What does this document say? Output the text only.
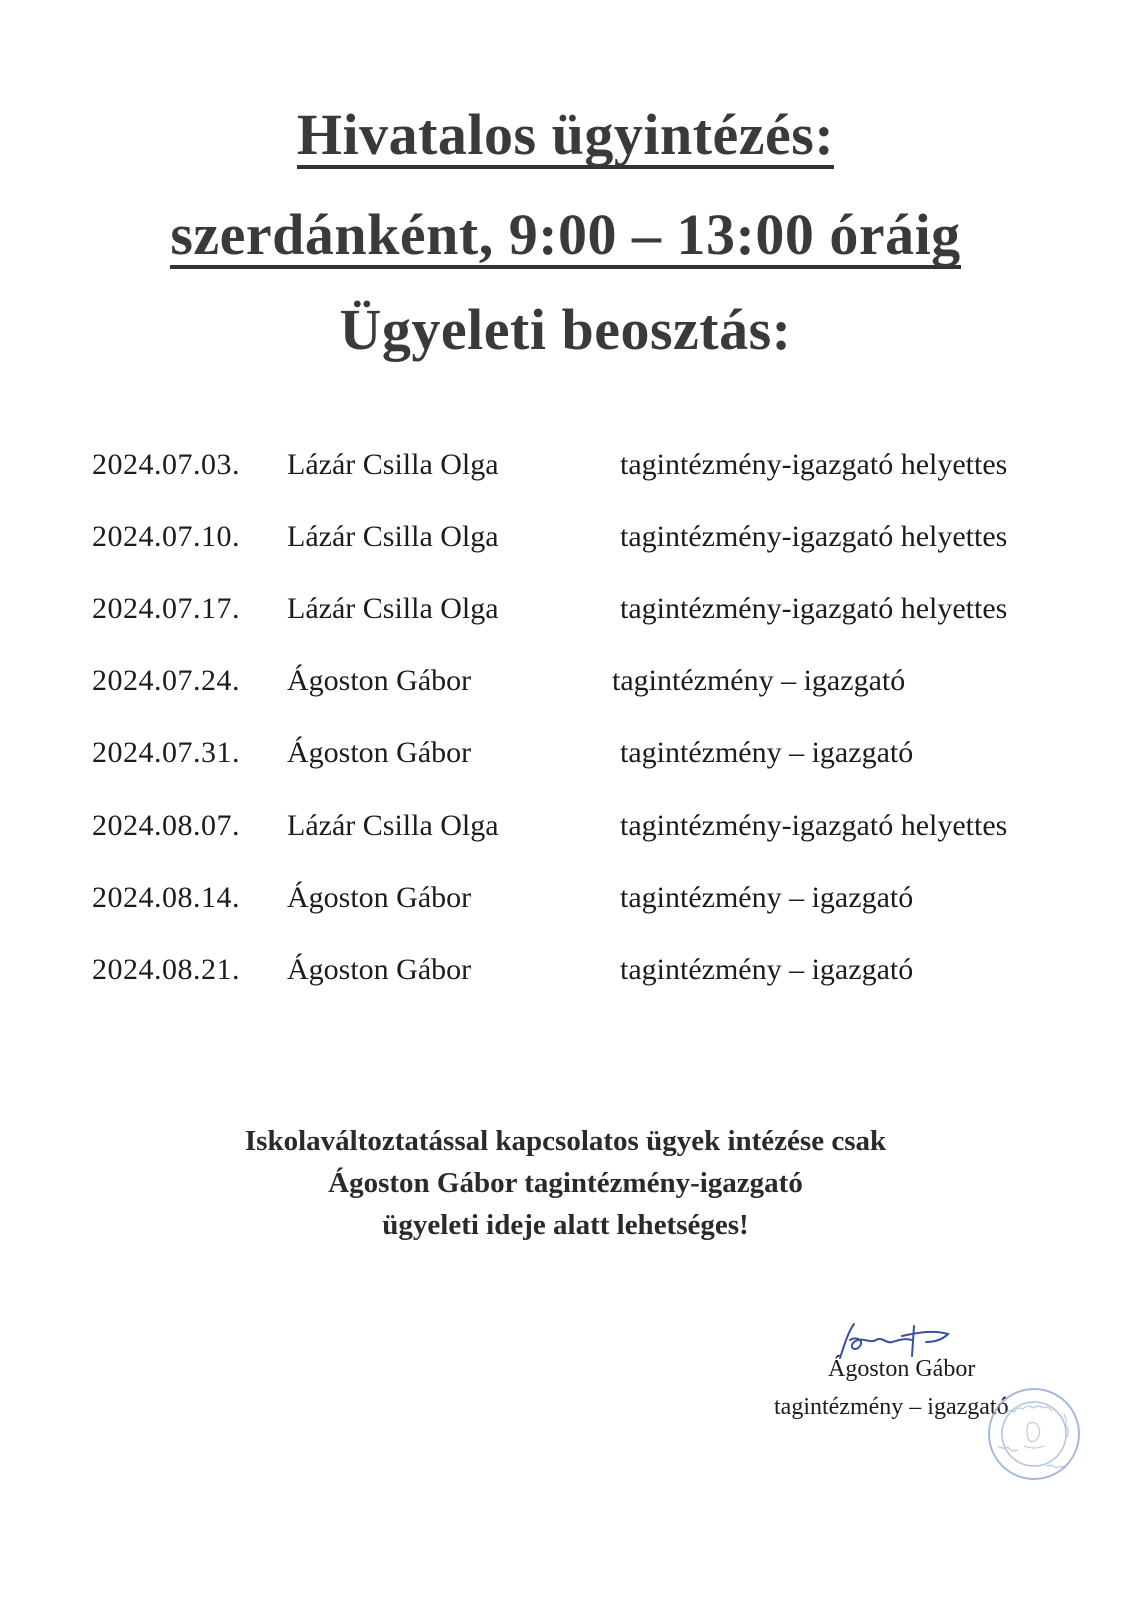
Hivatalos ügyintézés:
szerdánként, 9:00 – 13:00 óráig
Ügyeleti beosztás:
2024.07.03. Lázár Csilla Olga	tagintézmény-igazgató helyettes
2024.07.10. Lázár Csilla Olga	tagintézmény-igazgató helyettes
2024.07.17. Lázár Csilla Olga	tagintézmény-igazgató helyettes
2024.07.24. Ágoston Gábor	tagintézmény – igazgató
2024.07.31. Ágoston Gábor	tagintézmény – igazgató
2024.08.07. Lázár Csilla Olga	tagintézmény-igazgató helyettes
2024.08.14. Ágoston Gábor	tagintézmény – igazgató
2024.08.21. Ágoston Gábor	tagintézmény – igazgató
Iskolaváltoztatással kapcsolatos ügyek intézése csak
Ágoston Gábor tagintézmény-igazgató
ügyeleti ideje alatt lehetséges!
Ágoston Gábor
tagintézmény – igazgató
